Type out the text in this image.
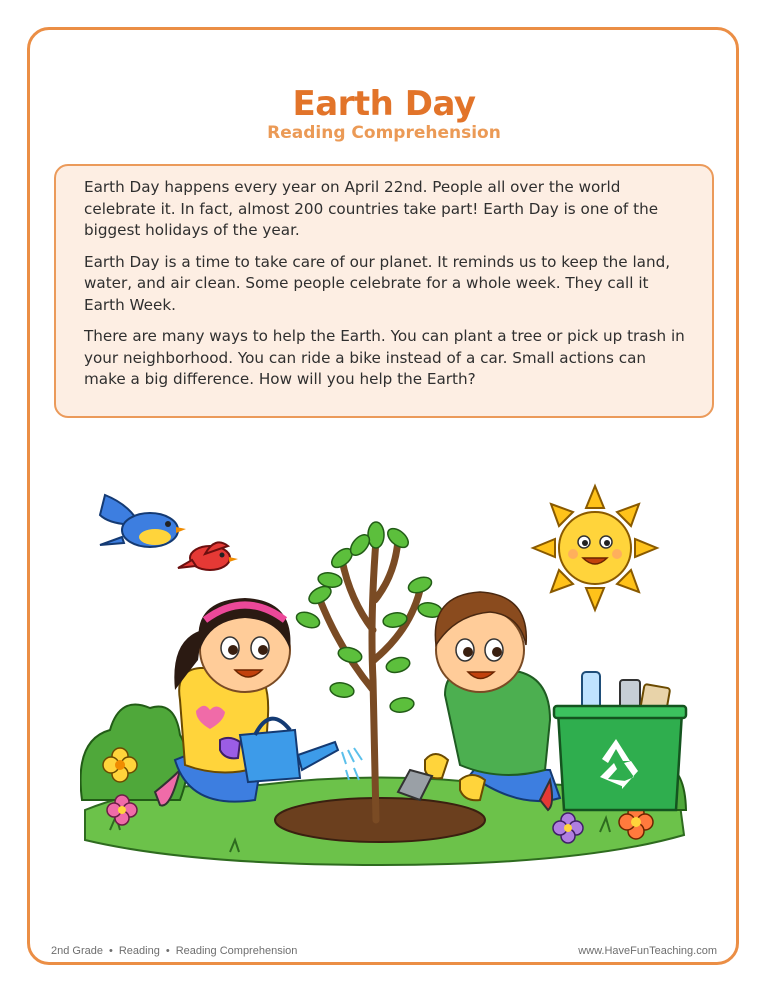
Earth Day
Reading Comprehension

Earth Day happens every year on April 22nd. People all over the world celebrate it. In fact, almost 200 countries take part! Earth Day is one of the biggest holidays of the year.

Earth Day is a time to take care of our planet. It reminds us to keep the land, water, and air clean. Some people celebrate for a whole week. They call it Earth Week.

There are many ways to help the Earth. You can plant a tree or pick up trash in your neighborhood. You can ride a bike instead of a car. Small actions can make a big difference. How will you help the Earth?

2nd Grade • Reading • Reading Comprehension	www.HaveFunTeaching.com
